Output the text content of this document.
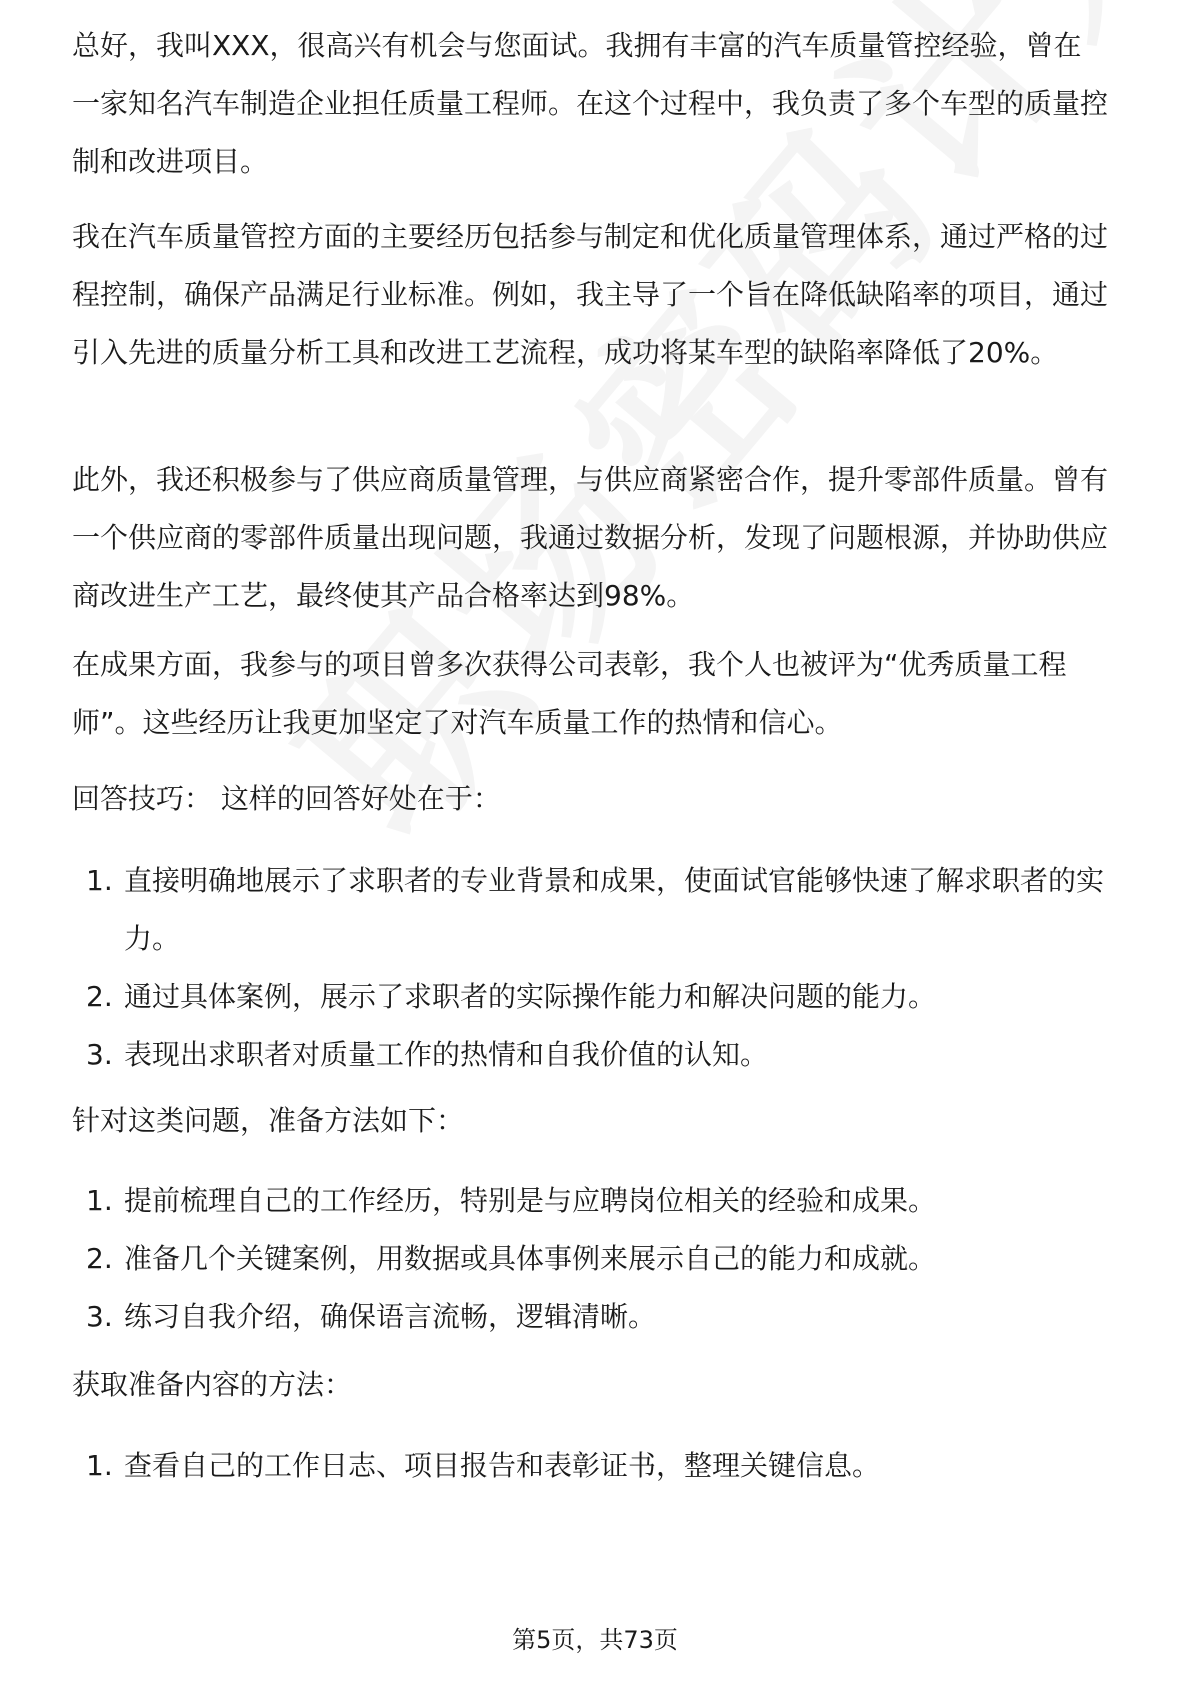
总好，我叫XXX，很高兴有机会与您面试。我拥有丰富的汽车质量管控经验，曾在

一家知名汽车制造企业担任质量工程师。在这个过程中，我负责了多个车型的质量控制和改进项目。

我在汽车质量管控方面的主要经历包括参与制定和优化质量管理体系，通过严格的过程控制，确保产品满足行业标准。例如，我主导了一个旨在降低缺陷率的项目，通过引入先进的质量分析工具和改进工艺流程，成功将某车型的缺陷率降低了20%。

此外，我还积极参与了供应商质量管理，与供应商紧密合作，提升零部件质量。曾有一个供应商的零部件质量出现问题，我通过数据分析，发现了问题根源，并协助供应商改进生产工艺，最终使其产品合格率达到98%。

在成果方面，我参与的项目曾多次获得公司表彰，我个人也被评为“优秀质量工程师”。这些经历让我更加坚定了对汽车质量工作的热情和信心。

回答技巧： 这样的回答好处在于：

1. 直接明确地展示了求职者的专业背景和成果，使面试官能够快速了解求职者的实力。
2. 通过具体案例，展示了求职者的实际操作能力和解决问题的能力。
3. 表现出求职者对质量工作的热情和自我价值的认知。

针对这类问题，准备方法如下：

1. 提前梳理自己的工作经历，特别是与应聘岗位相关的经验和成果。
2. 准备几个关键案例，用数据或具体事例来展示自己的能力和成就。
3. 练习自我介绍，确保语言流畅，逻辑清晰。

获取准备内容的方法：

1. 查看自己的工作日志、项目报告和表彰证书，整理关键信息。
第5页，共73页
